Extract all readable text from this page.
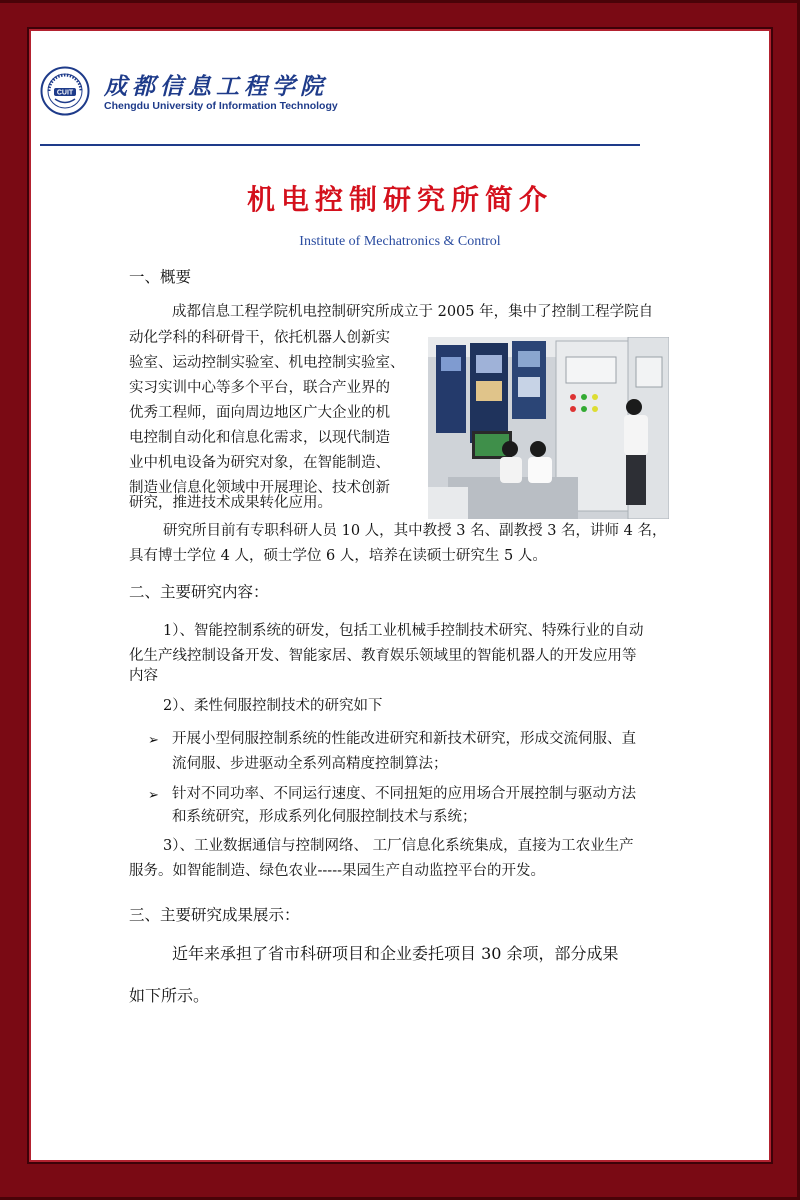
CUIT 成都信息工程学院
Chengdu University of Information Technology
机电控制研究所简介
Institute of Mechatronics & Control
一、概要
成都信息工程学院机电控制研究所成立于 2005 年，集中了控制工程学院自
动化学科的科研骨干，依托机器人创新实
验室、运动控制实验室、机电控制实验室、
实习实训中心等多个平台，联合产业界的
优秀工程师，面向周边地区广大企业的机
电控制自动化和信息化需求，以现代制造
业中机电设备为研究对象，在智能制造、
制造业信息化领域中开展理论、技术创新
研究，推进技术成果转化应用。
研究所目前有专职科研人员 10 人，其中教授 3 名、副教授 3 名，讲师 4 名，
具有博士学位 4 人，硕士学位 6 人，培养在读硕士研究生 5 人。
二、主要研究内容：
1）、智能控制系统的研发，包括工业机械手控制技术研究、特殊行业的自动
化生产线控制设备开发、智能家居、教育娱乐领域里的智能机器人的开发应用等
内容
2）、柔性伺服控制技术的研究如下
➢ 开展小型伺服控制系统的性能改进研究和新技术研究，形成交流伺服、直
流伺服、步进驱动全系列高精度控制算法；
➢ 针对不同功率、不同运行速度、不同扭矩的应用场合开展控制与驱动方法
和系统研究，形成系列化伺服控制技术与系统；
3）、工业数据通信与控制网络、 工厂信息化系统集成，直接为工农业生产
服务。如智能制造、绿色农业-----果园生产自动监控平台的开发。
三、主要研究成果展示：
近年来承担了省市科研项目和企业委托项目 30 余项，部分成果
如下所示。
